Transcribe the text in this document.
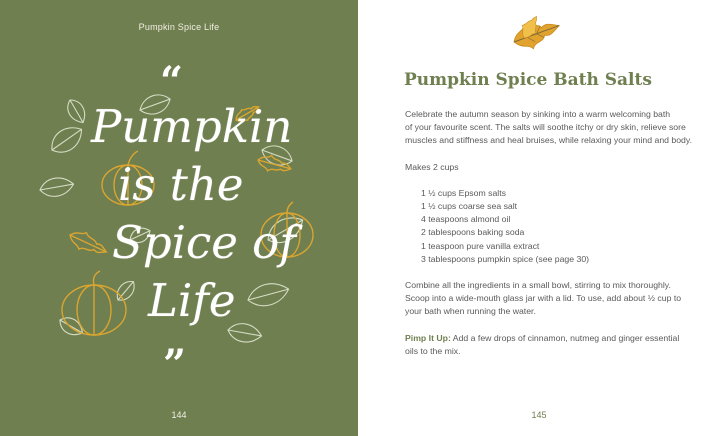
Pumpkin Spice Life
“
Pumpkin
is the
Spice of
Life
”
144
Pumpkin Spice Bath Salts

Celebrate the autumn season by sinking into a warm welcoming bath

of your favourite scent. The salts will soothe itchy or dry skin, relieve sore

muscles and stiffness and heal bruises, while relaxing your mind and body.

Makes 2 cups

1 ½ cups Epsom salts
1 ½ cups coarse sea salt
4 teaspoons almond oil
2 tablespoons baking soda
1 teaspoon pure vanilla extract
3 tablespoons pumpkin spice (see page 30)

Combine all the ingredients in a small bowl, stirring to mix thoroughly.

Scoop into a wide-mouth glass jar with a lid. To use, add about ½ cup to

your bath when running the water.

Pimp It Up: Add a few drops of cinnamon, nutmeg and ginger essential

oils to the mix.

145
